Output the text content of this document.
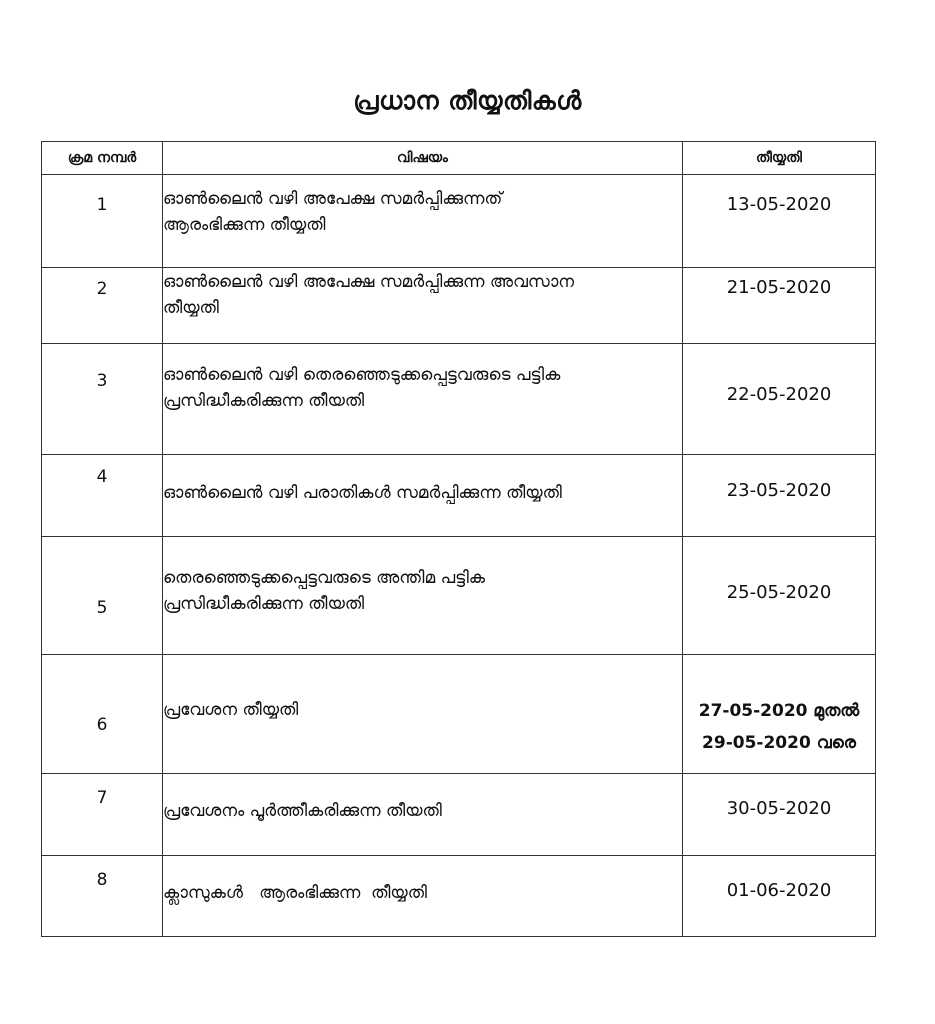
പ്രധാന തീയ്യതികൾ
ക്രമ നമ്പർ	വിഷയം	തീയ്യതി

1	ഓൺലൈൻ വഴി അപേക്ഷ സമർപ്പിക്കുന്നത്
ആരംഭിക്കുന്ന തീയ്യതി	13-05-2020

2	ഓൺലൈൻ വഴി അപേക്ഷ സമർപ്പിക്കുന്ന അവസാന
തീയ്യതി	21-05-2020

3	ഓൺലൈൻ വഴി തെരഞ്ഞെടുക്കപ്പെട്ടവരുടെ പട്ടിക
പ്രസിദ്ധീകരിക്കുന്ന തീയതി	22-05-2020

4	ഓൺലൈൻ വഴി പരാതികൾ സമർപ്പിക്കുന്ന തീയ്യതി	23-05-2020

5	തെരഞ്ഞെടുക്കപ്പെട്ടവരുടെ അന്തിമ പട്ടിക
പ്രസിദ്ധീകരിക്കുന്ന തീയതി	25-05-2020

6	പ്രവേശന തീയ്യതി	27-05-2020 മുതൽ
29-05-2020 വരെ

7	പ്രവേശനം പൂർത്തീകരിക്കുന്ന തീയതി	30-05-2020

8	ക്ലാസുകൾ   ആരംഭിക്കുന്ന  തീയ്യതി	01-06-2020
